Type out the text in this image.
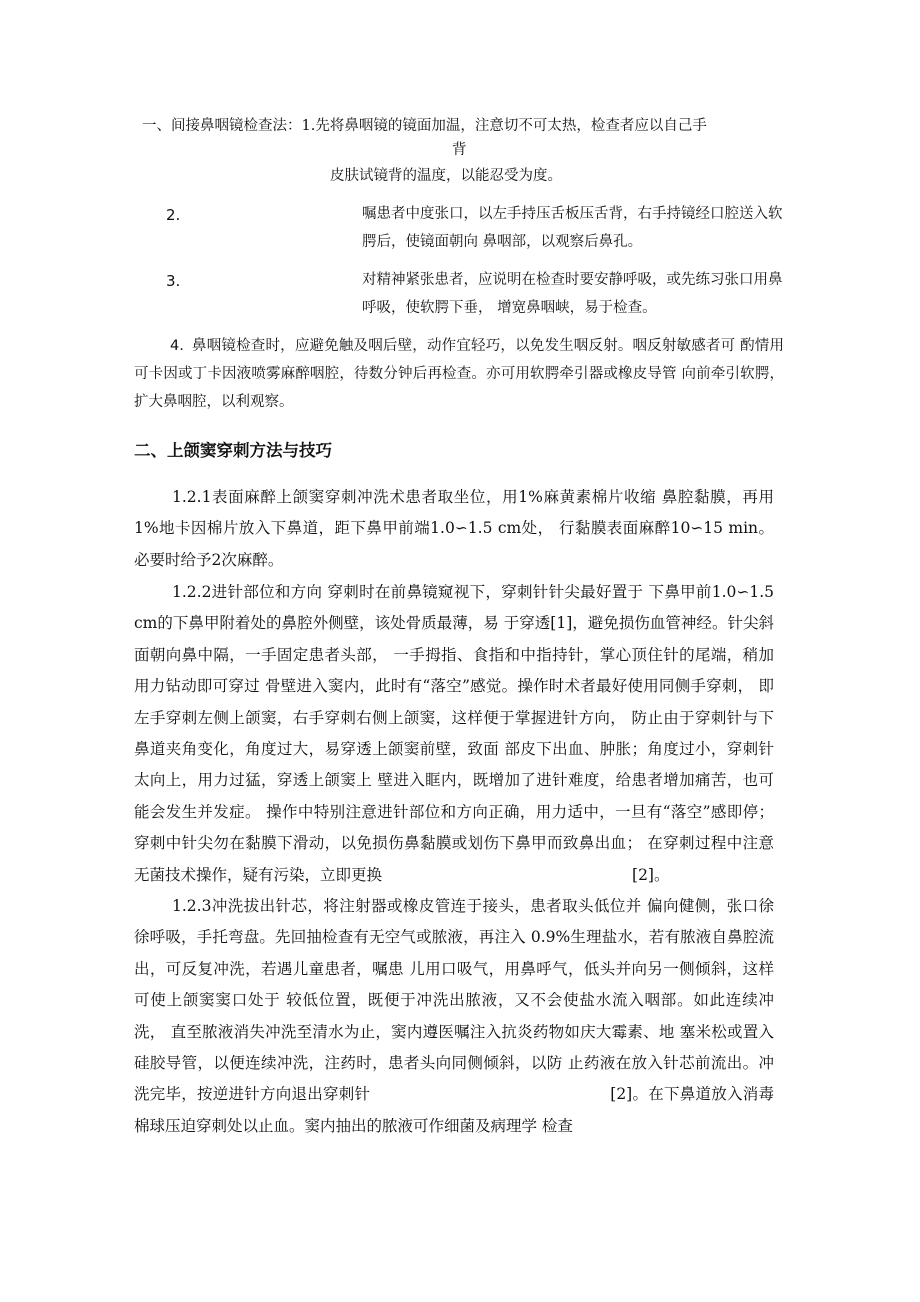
一、间接鼻咽镜检查法：1.先将鼻咽镜的镜面加温，注意切不可太热，检查者应以自己手
背
皮肤试镜背的温度，以能忍受为度。
2.	嘱患者中度张口，以左手持压舌板压舌背，右手持镜经口腔送入软腭后，使镜面朝向 鼻咽部，以观察后鼻孔。
3.	对精神紧张患者，应说明在检查时要安静呼吸，或先练习张口用鼻呼吸，使软腭下垂， 增宽鼻咽峡，易于检查。
4. 鼻咽镜检查时，应避免触及咽后壁，动作宜轻巧，以免发生咽反射。咽反射敏感者可 酌情用可卡因或丁卡因液喷雾麻醉咽腔，待数分钟后再检查。亦可用软腭牵引器或橡皮导管 向前牵引软腭，扩大鼻咽腔，以利观察。
二、上颌窦穿刺方法与技巧
1.2.1表面麻醉上颌窦穿刺冲洗术患者取坐位，用1%麻黄素棉片收缩 鼻腔黏膜，再用1%地卡因棉片放入下鼻道，距下鼻甲前端1.0∽1.5 cm处， 行黏膜表面麻醉10∽15 min。必要时给予2次麻醉。
1.2.2进针部位和方向 穿刺时在前鼻镜窥视下，穿刺针针尖最好置于 下鼻甲前1.0∽1.5 cm的下鼻甲附着处的鼻腔外侧壁，该处骨质最薄，易 于穿透[1]，避免损伤血管神经。针尖斜面朝向鼻中隔，一手固定患者头部， 一手拇指、食指和中指持针，掌心顶住针的尾端，稍加用力钻动即可穿过 骨壁进入窦内，此时有“落空”感觉。操作时术者最好使用同侧手穿刺， 即左手穿刺左侧上颌窦，右手穿刺右侧上颌窦，这样便于掌握进针方向， 防止由于穿刺针与下鼻道夹角变化，角度过大，易穿透上颌窦前壁，致面 部皮下出血、肿胀；角度过小，穿刺针太向上，用力过猛，穿透上颌窦上 壁进入眶内，既增加了进针难度，给患者增加痛苦，也可能会发生并发症。 操作中特别注意进针部位和方向正确，用力适中，一旦有“落空”感即停； 穿刺中针尖勿在黏膜下滑动，以免损伤鼻黏膜或划伤下鼻甲而致鼻出血； 在穿刺过程中注意无菌技术操作，疑有污染，立即更换	[2]。
1.2.3冲洗拔出针芯，将注射器或橡皮管连于接头，患者取头低位并 偏向健侧，张口徐徐呼吸，手托弯盘。先回抽检查有无空气或脓液，再注入 0.9%生理盐水，若有脓液自鼻腔流出，可反复冲洗，若遇儿童患者，嘱患 儿用口吸气，用鼻呼气，低头并向另一侧倾斜，这样可使上颌窦窦口处于 较低位置，既便于冲洗出脓液，又不会使盐水流入咽部。如此连续冲洗， 直至脓液消失冲洗至清水为止，窦内遵医嘱注入抗炎药物如庆大霉素、地 塞米松或置入硅胶导管，以便连续冲洗，注药时，患者头向同侧倾斜，以防 止药液在放入针芯前流出。冲洗完毕，按逆进针方向退出穿刺针	[2]。在下鼻道放入消毒棉球压迫穿刺处以止血。窦内抽出的脓液可作细菌及病理学 检查
